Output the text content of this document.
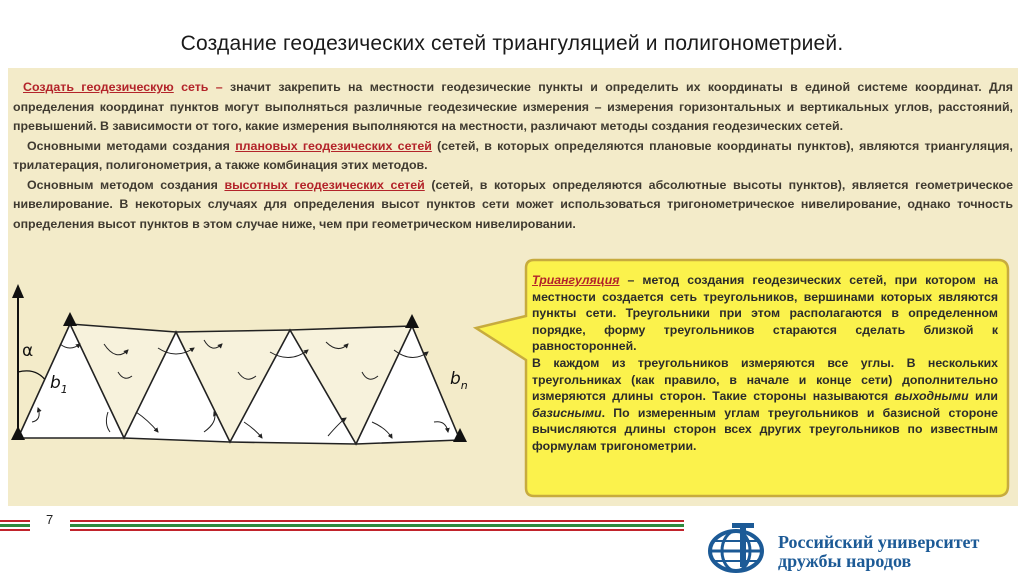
Создание геодезических сетей триангуляцией и полигонометрией.

Создать геодезическую сеть – значит закрепить на местности геодезические пункты и определить их координаты в единой системе координат. Для определения координат пунктов могут выполняться различные геодезические измерения – измерения горизонтальных и вертикальных углов, расстояний, превышений. В зависимости от того, какие измерения выполняются на местности, различают методы создания геодезических сетей.

Основными методами создания плановых геодезических сетей (сетей, в которых определяются плановые координаты пунктов), являются триангуляция, трилатерация, полигонометрия, а также комбинация этих методов.

Основным методом создания высотных геодезических сетей (сетей, в которых определяются абсолютные высоты пунктов), является геометрическое нивелирование. В некоторых случаях для определения высот пунктов сети может использоваться тригонометрическое нивелирование, однако точность определения высот пунктов в этом случае ниже, чем при геометрическом нивелировании.

α
$b_1$
$b_n$

Триангуляция – метод создания геодезических сетей, при котором на местности создается сеть треугольников, вершинами которых являются пункты сети. Треугольники при этом располагаются в определенном порядке, форму треугольников стараются сделать близкой к равносторонней.

В каждом из треугольников измеряются все углы. В нескольких треугольниках (как правило, в начале и конце сети) дополнительно измеряются длины сторон. Такие стороны называются выходными или базисными. По измеренным углам треугольников и базисной стороне вычисляются длины сторон всех других треугольников по известным формулам тригонометрии.

7
Российский университет
дружбы народов
